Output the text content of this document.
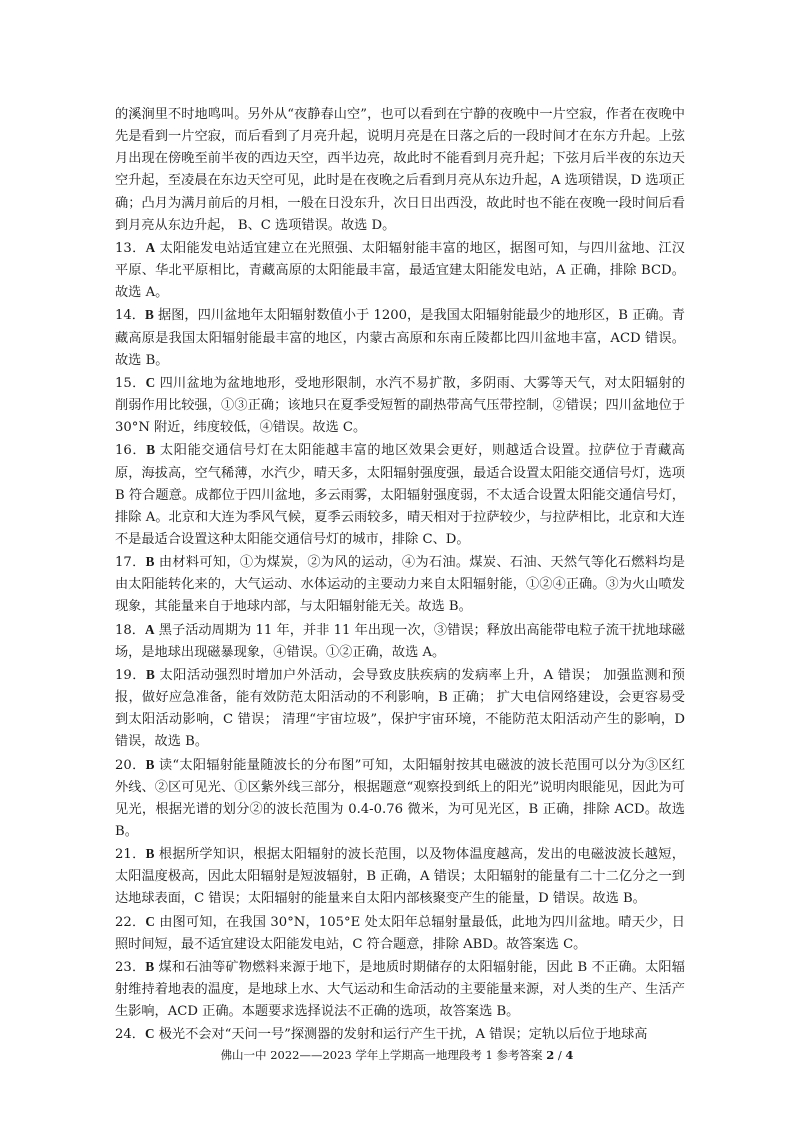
的溪涧里不时地鸣叫。另外从“夜静春山空”，也可以看到在宁静的夜晚中一片空寂，作者在夜晚中先是看到一片空寂，而后看到了月亮升起，说明月亮是在日落之后的一段时间才在东方升起。上弦月出现在傍晚至前半夜的西边天空，西半边亮，故此时不能看到月亮升起；下弦月后半夜的东边天空升起，至凌晨在东边天空可见，此时是在夜晚之后看到月亮从东边升起，A 选项错误，D 选项正确；凸月为满月前后的月相，一般在日没东升，次日日出西没，故此时也不能在夜晚一段时间后看到月亮从东边升起， B、C 选项错误。故选 D。

13．A 太阳能发电站适宜建立在光照强、太阳辐射能丰富的地区，据图可知，与四川盆地、江汉平原、华北平原相比，青藏高原的太阳能最丰富，最适宜建太阳能发电站，A 正确，排除 BCD。故选 A。

14．B 据图，四川盆地年太阳辐射数值小于 1200，是我国太阳辐射能最少的地形区，B 正确。青藏高原是我国太阳辐射能最丰富的地区，内蒙古高原和东南丘陵都比四川盆地丰富，ACD 错误。故选 B。

15．C 四川盆地为盆地地形，受地形限制，水汽不易扩散，多阴雨、大雾等天气，对太阳辐射的削弱作用比较强，①③正确；该地只在夏季受短暂的副热带高气压带控制，②错误；四川盆地位于 30°N 附近，纬度较低，④错误。故选 C。

16．B 太阳能交通信号灯在太阳能越丰富的地区效果会更好，则越适合设置。拉萨位于青藏高原，海拔高，空气稀薄，水汽少，晴天多，太阳辐射强度强，最适合设置太阳能交通信号灯，选项 B 符合题意。成都位于四川盆地，多云雨雾，太阳辐射强度弱，不太适合设置太阳能交通信号灯，排除 A。北京和大连为季风气候，夏季云雨较多，晴天相对于拉萨较少，与拉萨相比，北京和大连不是最适合设置这种太阳能交通信号灯的城市，排除 C、D。

17．B 由材料可知，①为煤炭，②为风的运动，④为石油。煤炭、石油、天然气等化石燃料均是由太阳能转化来的，大气运动、水体运动的主要动力来自太阳辐射能，①②④正确。③为火山喷发现象，其能量来自于地球内部，与太阳辐射能无关。故选 B。

18．A 黑子活动周期为 11 年，并非 11 年出现一次，③错误；释放出高能带电粒子流干扰地球磁场，是地球出现磁暴现象，④错误。①②正确，故选 A。

19．B 太阳活动强烈时增加户外活动，会导致皮肤疾病的发病率上升，A 错误； 加强监测和预报，做好应急准备，能有效防范太阳活动的不利影响，B 正确； 扩大电信网络建设，会更容易受到太阳活动影响，C 错误； 清理“宇宙垃圾”，保护宇宙环境，不能防范太阳活动产生的影响，D 错误，故选 B。

20．B 读“太阳辐射能量随波长的分布图”可知，太阳辐射按其电磁波的波长范围可以分为③区红外线、②区可见光、①区紫外线三部分，根据题意“观察投到纸上的阳光”说明肉眼能见，因此为可见光，根据光谱的划分②的波长范围为 0.4-0.76 微米，为可见光区，B 正确，排除 ACD。故选 B。

21．B 根据所学知识，根据太阳辐射的波长范围，以及物体温度越高，发出的电磁波波长越短，太阳温度极高，因此太阳辐射是短波辐射，B 正确，A 错误；太阳辐射的能量有二十二亿分之一到达地球表面，C 错误；太阳辐射的能量来自太阳内部核聚变产生的能量，D 错误。故选 B。

22．C 由图可知，在我国 30°N，105°E 处太阳年总辐射量最低，此地为四川盆地。晴天少，日照时间短，最不适宜建设太阳能发电站，C 符合题意，排除 ABD。故答案选 C。

23．B 煤和石油等矿物燃料来源于地下，是地质时期储存的太阳辐射能，因此 B 不正确。太阳辐射维持着地表的温度，是地球上水、大气运动和生命活动的主要能量来源，对人类的生产、生活产生影响，ACD 正确。本题要求选择说法不正确的选项，故答案选 B。

24．C 极光不会对“天问一号”探测器的发射和运行产生干扰，A 错误；定轨以后位于地球高

佛山一中 2022——2023 学年上学期高一地理段考 1 参考答案 2 / 4
